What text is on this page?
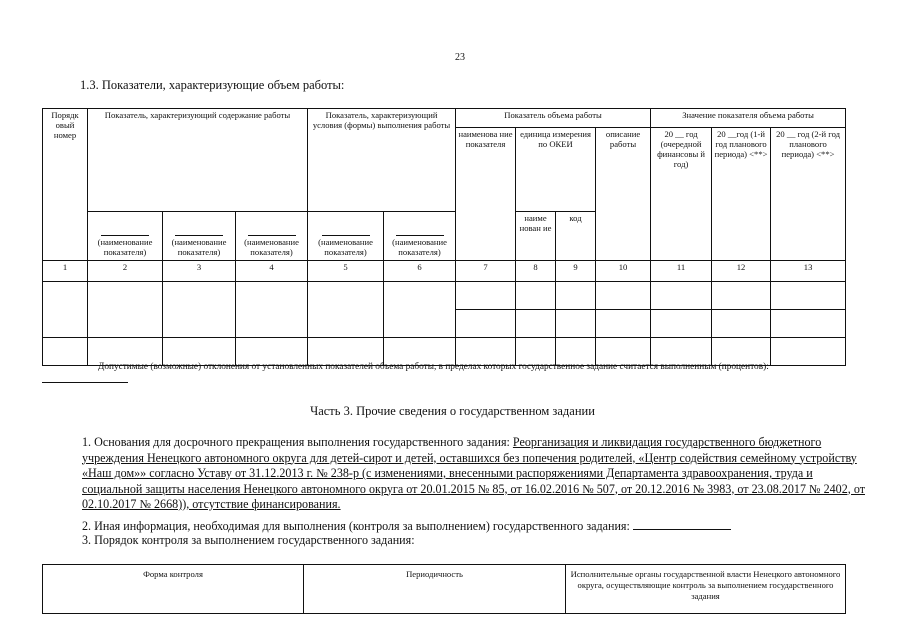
23
1.3. Показатели, характеризующие объем работы:
Порядк овый номер	Показатель, характеризующий содержание работы			Показатель, характеризующий условия (формы) выполнения работы		Показатель объема работы				Значение показателя объема работы		
						наименова ние показателя	единица измерения по ОКЕИ		описание работы	20 __ год (очередной финансовы й год)	20 __год (1-й год планового периода) <**>	20 __ год (2-й год планового периода) <**>

	(наименование показателя)	(наименование показателя)	(наименование показателя)	(наименование показателя)	(наименование показателя)		наиме нован ие	код				
1	2	3	4	5	6	7	8	9	10	11	12	13

Допустимые (возможные) отклонения от установленных показателей объема работы, в пределах которых государственное задание считается выполненным (процентов):
Часть 3. Прочие сведения о государственном задании
1. Основания для досрочного прекращения выполнения государственного задания: Реорганизация и ликвидация государственного бюджетного учреждения Ненецкого автономного округа для детей-сирот и детей, оставшихся без попечения родителей, «Центр содействия семейному устройству «Наш дом»» согласно Уставу от 31.12.2013 г. № 238-р (с изменениями, внесенными распоряжениями Департамента здравоохранения, труда и социальной защиты населения Ненецкого автономного округа от 20.01.2015 № 85, от 16.02.2016 № 507, от 20.12.2016 № 3983, от 23.08.2017 № 2402, от 02.10.2017 № 2668)), отсутствие финансирования.
2. Иная информация, необходимая для выполнения (контроля за выполнением) государственного задания:
3. Порядок контроля за выполнением государственного задания:
Форма контроля	Периодичность	Исполнительные органы государственной власти Ненецкого автономного округа, осуществляющие контроль за выполнением государственного задания
